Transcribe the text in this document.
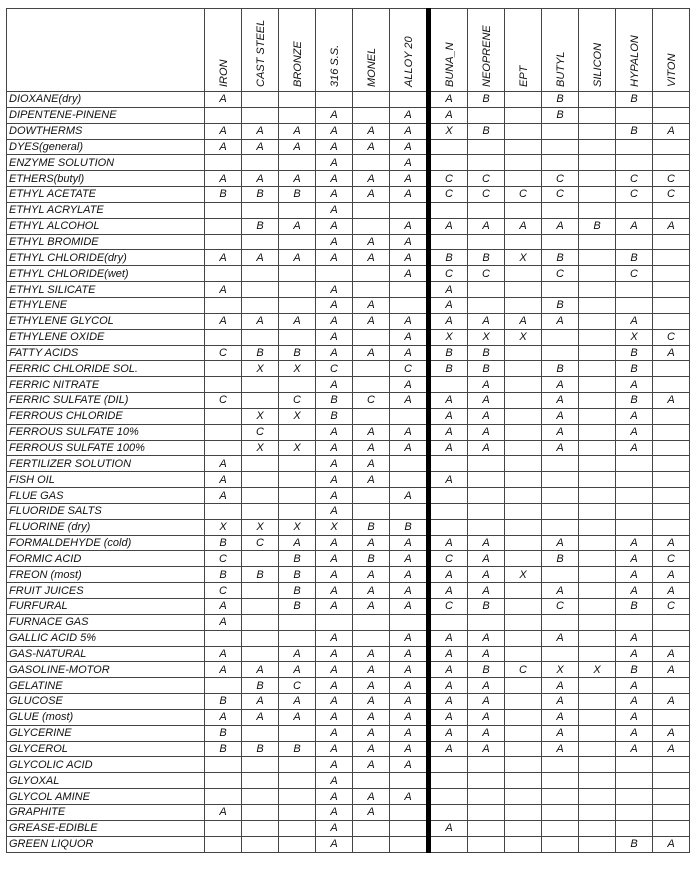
	IRON	CAST STEEL	BRONZE	316 S.S.	MONEL	ALLOY 20	BUNA_N	NEOPRENE	EPT	BUTYL	SILICON	HYPALON	VITON

DIOXANE(dry)	A						A	B		B		B	
DIPENTENE-PINENE				A		A	A			B			
DOWTHERMS	A	A	A	A	A	A	X	B				B	A
DYES(general)	A	A	A	A	A	A							
ENZYME SOLUTION				A		A							
ETHERS(butyl)	A	A	A	A	A	A	C	C		C		C	C
ETHYL ACETATE	B	B	B	A	A	A	C	C	C	C		C	C
ETHYL ACRYLATE				A									
ETHYL ALCOHOL		B	A	A		A	A	A	A	A	B	A	A
ETHYL BROMIDE				A	A	A							
ETHYL CHLORIDE(dry)	A	A	A	A	A	A	B	B	X	B		B	
ETHYL CHLORIDE(wet)						A	C	C		C		C	
ETHYL SILICATE	A			A			A						
ETHYLENE				A	A		A			B			
ETHYLENE GLYCOL	A	A	A	A	A	A	A	A	A	A		A	
ETHYLENE OXIDE				A		A	X	X	X			X	C
FATTY ACIDS	C	B	B	A	A	A	B	B				B	A
FERRIC CHLORIDE SOL.		X	X	C		C	B	B		B		B	
FERRIC NITRATE				A		A		A		A		A	
FERRIC SULFATE (DIL)	C		C	B	C	A	A	A		A		B	A
FERROUS CHLORIDE		X	X	B			A	A		A		A	
FERROUS SULFATE 10%		C		A	A	A	A	A		A		A	
FERROUS SULFATE 100%		X	X	A	A	A	A	A		A		A	
FERTILIZER SOLUTION	A			A	A								
FISH OIL	A			A	A		A						
FLUE GAS	A			A		A							
FLUORIDE SALTS				A									
FLUORINE (dry)	X	X	X	X	B	B							
FORMALDEHYDE (cold)	B	C	A	A	A	A	A	A		A		A	A
FORMIC ACID	C		B	A	B	A	C	A		B		A	C
FREON (most)	B	B	B	A	A	A	A	A	X			A	A
FRUIT JUICES	C		B	A	A	A	A	A		A		A	A
FURFURAL	A		B	A	A	A	C	B		C		B	C
FURNACE GAS	A												
GALLIC ACID 5%				A		A	A	A		A		A	
GAS-NATURAL	A		A	A	A	A	A	A				A	A
GASOLINE-MOTOR	A	A	A	A	A	A	A	B	C	X	X	B	A
GELATINE		B	C	A	A	A	A	A		A		A	
GLUCOSE	B	A	A	A	A	A	A	A		A		A	A
GLUE (most)	A	A	A	A	A	A	A	A		A		A	
GLYCERINE	B			A	A	A	A	A		A		A	A
GLYCEROL	B	B	B	A	A	A	A	A		A		A	A
GLYCOLIC ACID				A	A	A							
GLYOXAL				A									
GLYCOL AMINE				A	A	A							
GRAPHITE	A			A	A								
GREASE-EDIBLE				A			A						
GREEN LIQUOR				A								B	A
